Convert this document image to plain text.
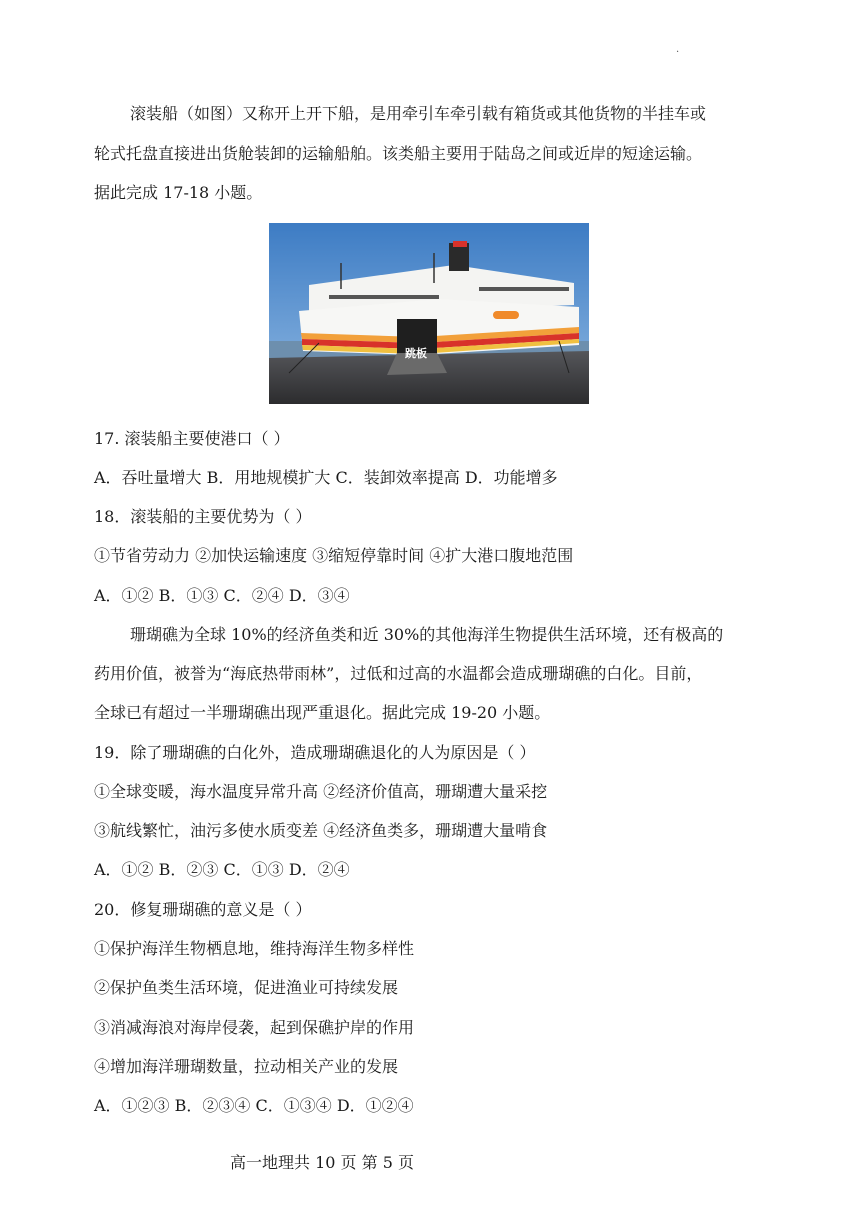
.
滚装船（如图）又称开上开下船，是用牵引车牵引载有箱货或其他货物的半挂车或
轮式托盘直接进出货舱装卸的运输船舶。该类船主要用于陆岛之间或近岸的短途运输。
据此完成 17-18 小题。
跳板
17. 滚装船主要使港口（ ）
A．吞吐量增大 B．用地规模扩大 C．装卸效率提高 D．功能增多
18．滚装船的主要优势为（ ）
①节省劳动力 ②加快运输速度 ③缩短停靠时间 ④扩大港口腹地范围
A．①② B．①③ C．②④ D．③④
珊瑚礁为全球 10%的经济鱼类和近 30%的其他海洋生物提供生活环境，还有极高的
药用价值，被誉为“海底热带雨林”，过低和过高的水温都会造成珊瑚礁的白化。目前，
全球已有超过一半珊瑚礁出现严重退化。据此完成 19-20 小题。
19．除了珊瑚礁的白化外，造成珊瑚礁退化的人为原因是（ ）
①全球变暖，海水温度异常升高 ②经济价值高，珊瑚遭大量采挖
③航线繁忙，油污多使水质变差 ④经济鱼类多，珊瑚遭大量啃食
A．①② B．②③ C．①③ D．②④
20．修复珊瑚礁的意义是（ ）
①保护海洋生物栖息地，维持海洋生物多样性
②保护鱼类生活环境，促进渔业可持续发展
③消减海浪对海岸侵袭，起到保礁护岸的作用
④增加海洋珊瑚数量，拉动相关产业的发展
A．①②③ B．②③④ C．①③④ D．①②④
高一地理共 10 页 第 5 页
